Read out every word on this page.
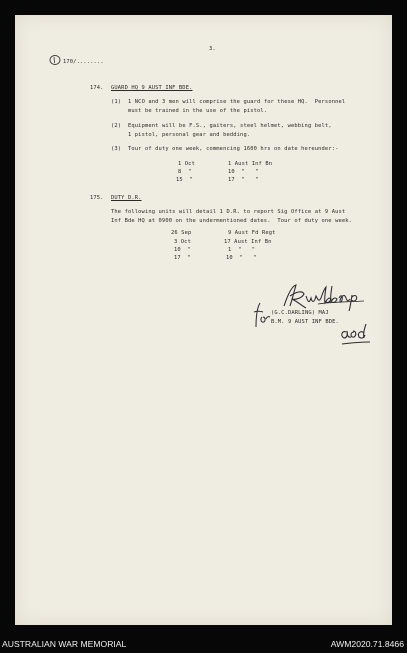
3.
170/........
174. GUARD HQ 9 AUST INF BDE.
(1) 1 NCO and 3 men will comprise the guard for these HQ.  Personnel
must be trained in the use of the pistol.
(2) Equipment will be F.S., gaiters, steel helmet, webbing belt,
1 pistol, personal gear and bedding.
(3) Tour of duty one week, commencing 1600 hrs on date hereunder:-
1 Oct	1 Aust Inf Bn
8  "	10  "   "
15  "	17  "   "
175. DUTY D.R.
The following units will detail 1 D.R. to report Sig Office at 9 Aust
Inf Bde HQ at 0900 on the undermentioned dates.  Tour of duty one week.
26 Sep	9 Aust Fd Regt
3 Oct	17 Aust Inf Bn
10  "	1  "   "
17  "	10  "   "
(G.C.DARLING) MAJ
B.M. 9 AUST INF BDE.
AUSTRALIAN WAR MEMORIAL	AWM2020.71.8466
